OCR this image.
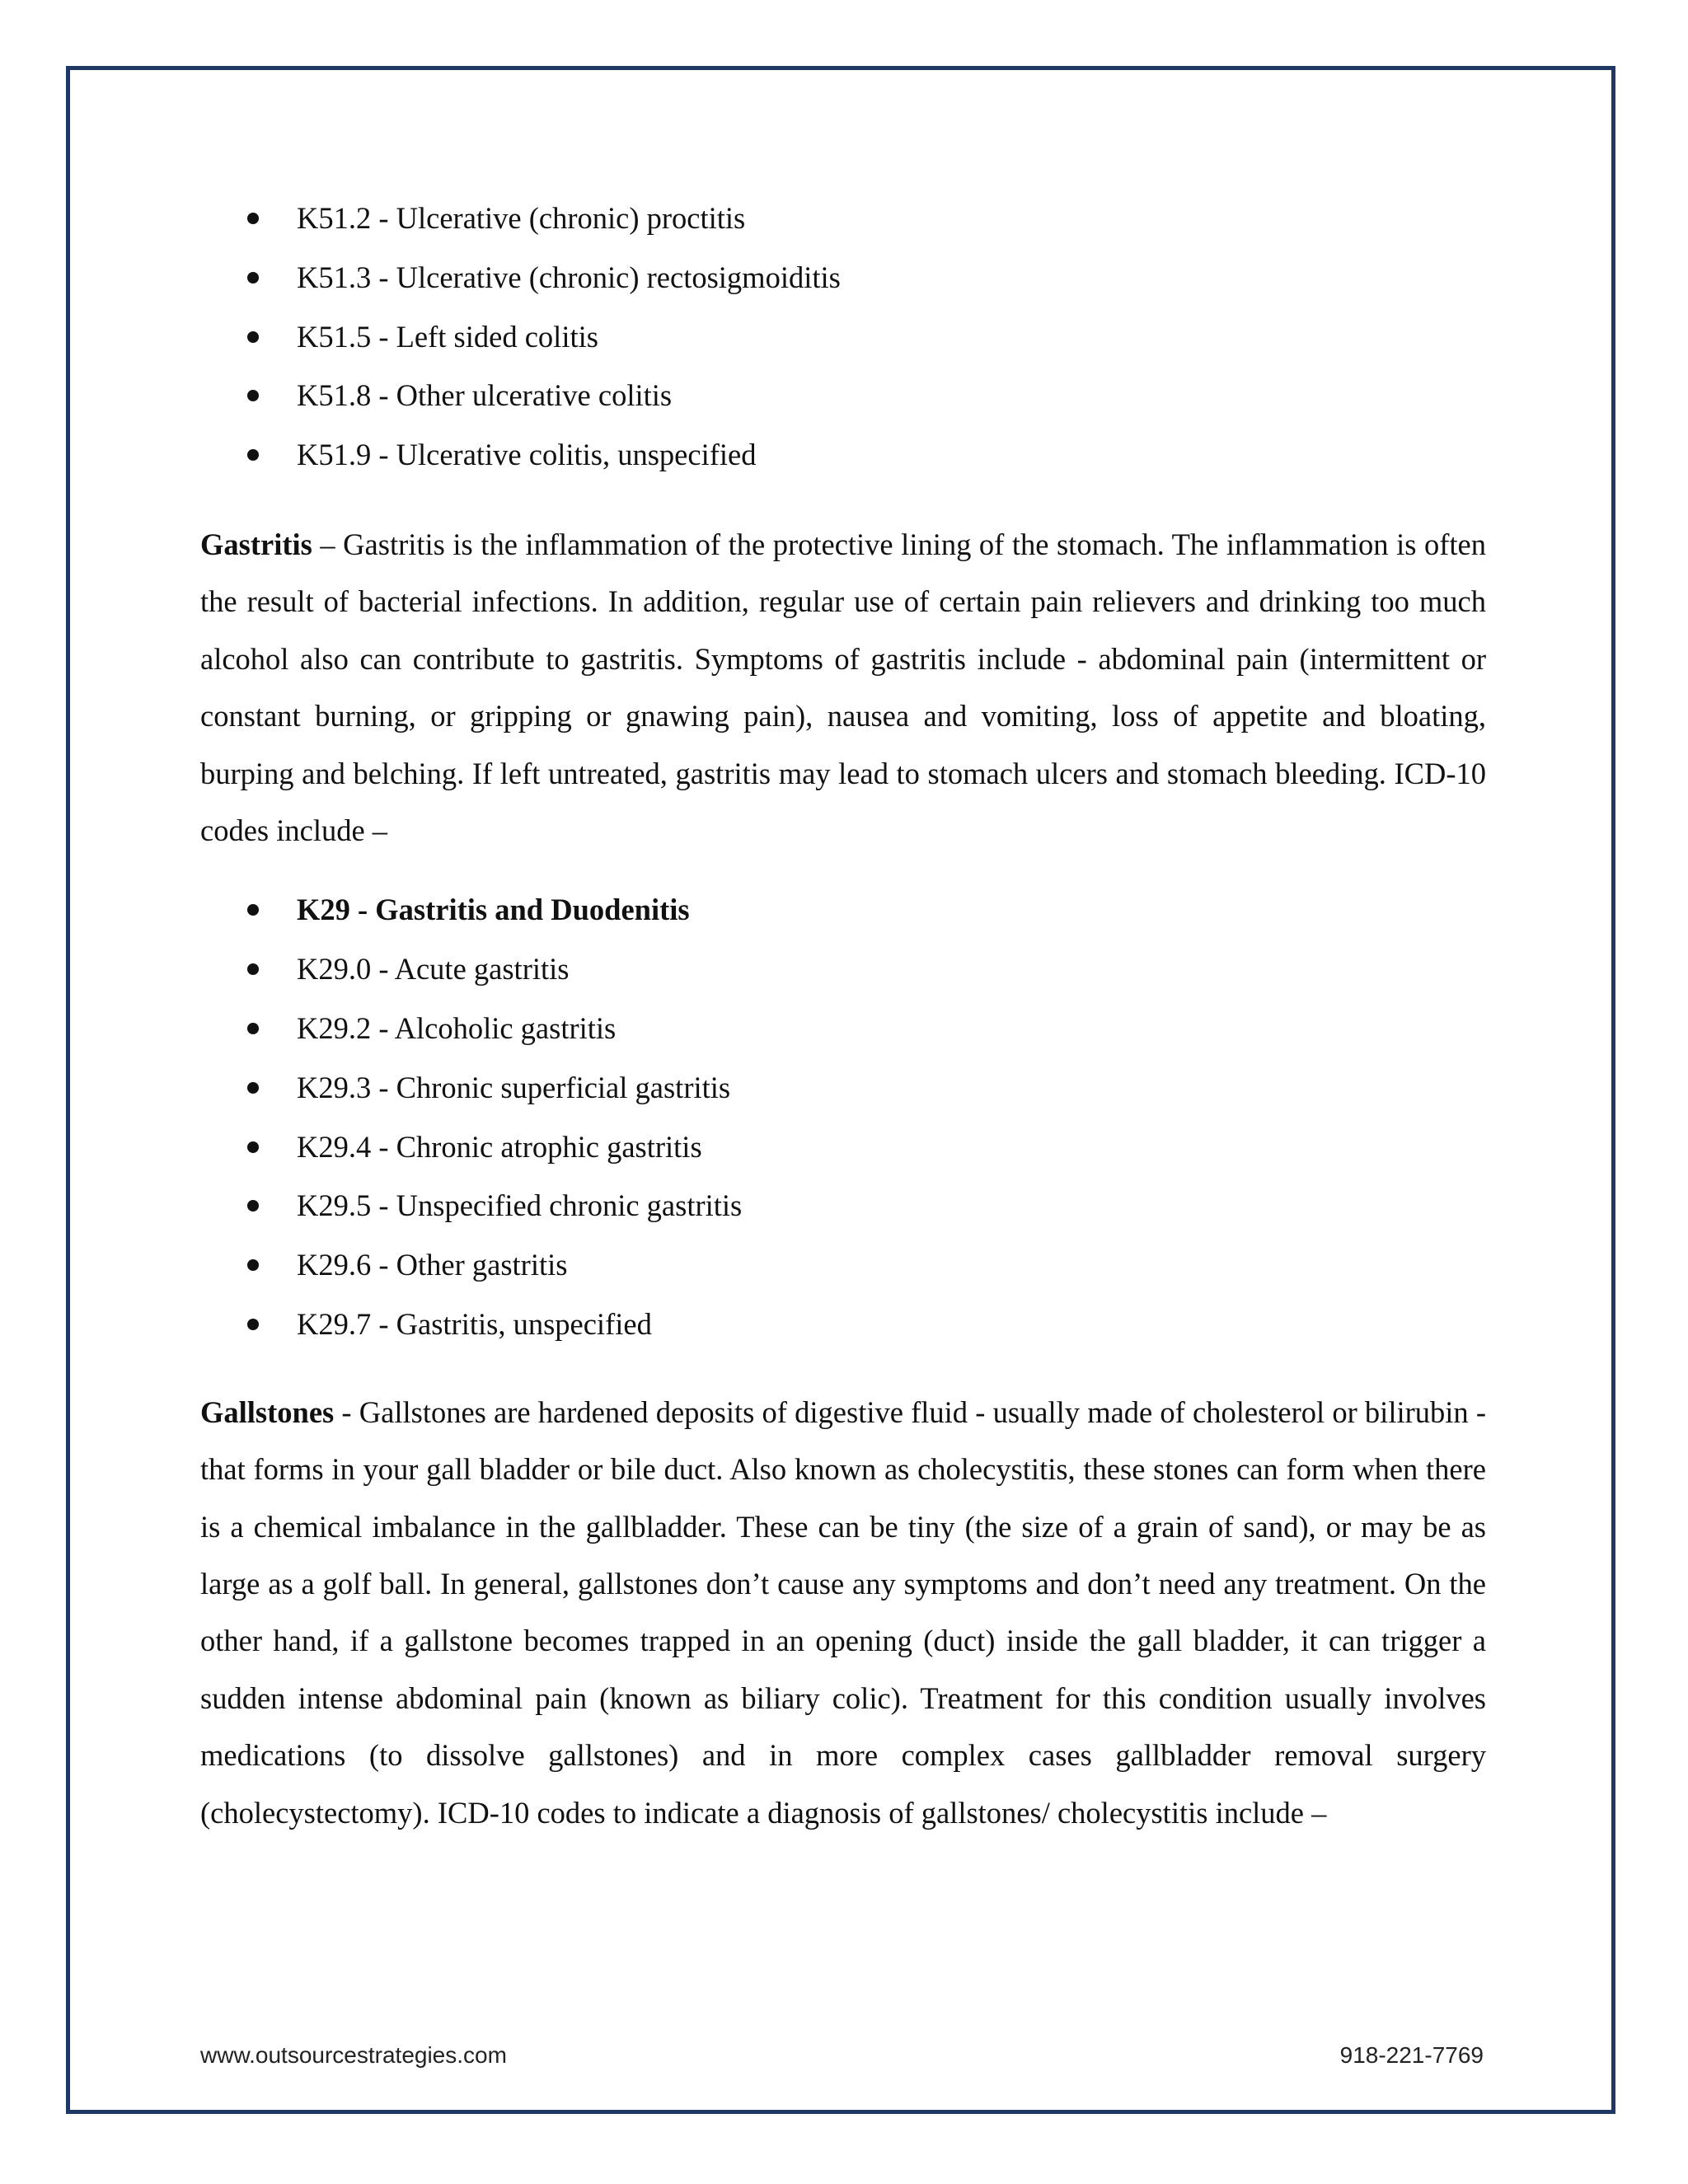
K51.2 - Ulcerative (chronic) proctitis
K51.3 - Ulcerative (chronic) rectosigmoiditis
K51.5 - Left sided colitis
K51.8 - Other ulcerative colitis
K51.9 - Ulcerative colitis, unspecified

Gastritis – Gastritis is the inflammation of the protective lining of the stomach. The inflammation is often the result of bacterial infections. In addition, regular use of certain pain relievers and drinking too much alcohol also can contribute to gastritis. Symptoms of gastritis include - abdominal pain (intermittent or constant burning, or gripping or gnawing pain), nausea and vomiting, loss of appetite and bloating, burping and belching. If left untreated, gastritis may lead to stomach ulcers and stomach bleeding. ICD-10 codes include –

K29 - Gastritis and Duodenitis
K29.0 - Acute gastritis
K29.2 - Alcoholic gastritis
K29.3 - Chronic superficial gastritis
K29.4 - Chronic atrophic gastritis
K29.5 - Unspecified chronic gastritis
K29.6 - Other gastritis
K29.7 - Gastritis, unspecified

Gallstones - Gallstones are hardened deposits of digestive fluid - usually made of cholesterol or bilirubin - that forms in your gall bladder or bile duct. Also known as cholecystitis, these stones can form when there is a chemical imbalance in the gallbladder. These can be tiny (the size of a grain of sand), or may be as large as a golf ball. In general, gallstones don’t cause any symptoms and don’t need any treatment. On the other hand, if a gallstone becomes trapped in an opening (duct) inside the gall bladder, it can trigger a sudden intense abdominal pain (known as biliary colic). Treatment for this condition usually involves medications (to dissolve gallstones) and in more complex cases gallbladder removal surgery (cholecystectomy). ICD-10 codes to indicate a diagnosis of gallstones/ cholecystitis include –

www.outsourcestrategies.com	918-221-7769
